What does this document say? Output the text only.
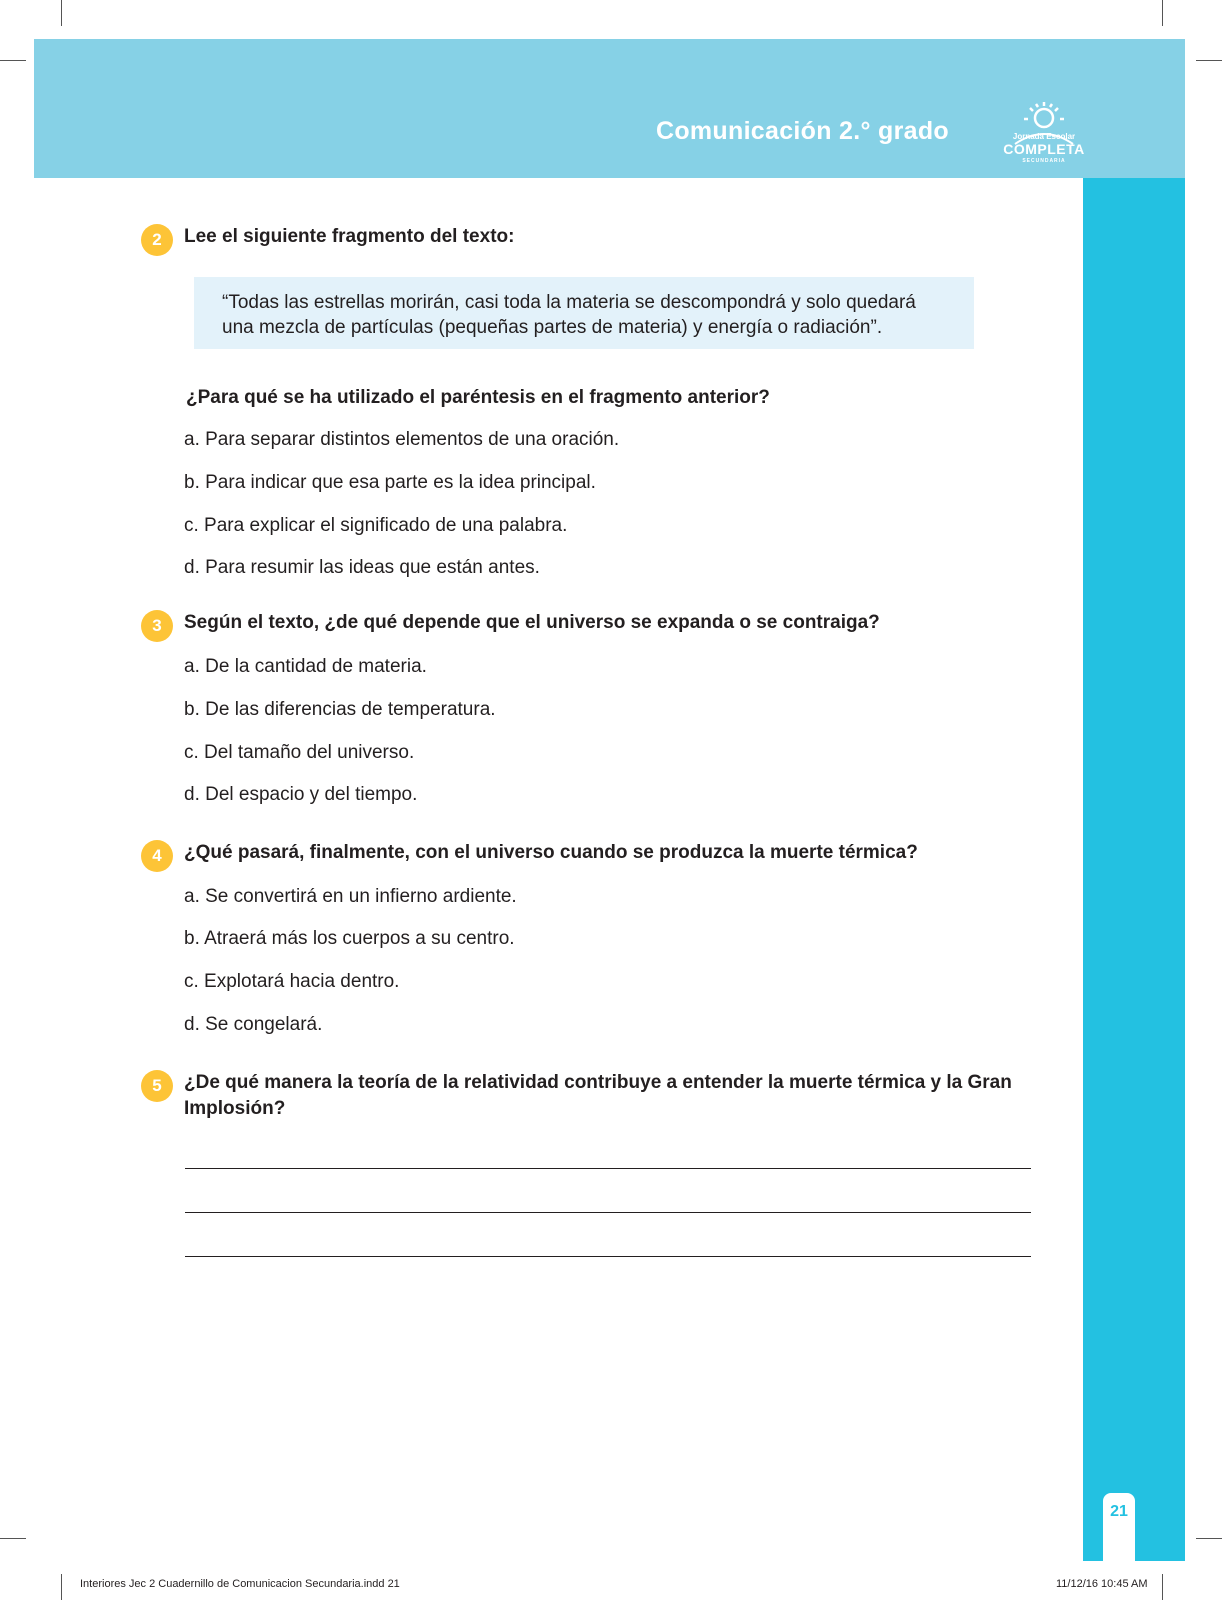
Comunicación 2.° grado	Jornada Escolar
COMPLETA
SECUNDARIA
21
2	Lee el siguiente fragmento del texto:

“Todas las estrellas morirán, casi toda la materia se descompondrá y solo quedará
una mezcla de partículas (pequeñas partes de materia) y energía o radiación”.

¿Para qué se ha utilizado el paréntesis en el fragmento anterior?
a. Para separar distintos elementos de una oración.
b. Para indicar que esa parte es la idea principal.
c. Para explicar el significado de una palabra.
d. Para resumir las ideas que están antes.
3	Según el texto, ¿de qué depende que el universo se expanda o se contraiga?
a. De la cantidad de materia.
b. De las diferencias de temperatura.
c. Del tamaño del universo.
d. Del espacio y del tiempo.
4	¿Qué pasará, finalmente, con el universo cuando se produzca la muerte térmica?
a. Se convertirá en un infierno ardiente.
b. Atraerá más los cuerpos a su centro.
c. Explotará hacia dentro.
d. Se congelará.
5	¿De qué manera la teoría de la relatividad contribuye a entender la muerte térmica y la Gran
Implosión?
Interiores Jec 2 Cuadernillo de Comunicacion Secundaria.indd 21	11/12/16 10:45 AM
